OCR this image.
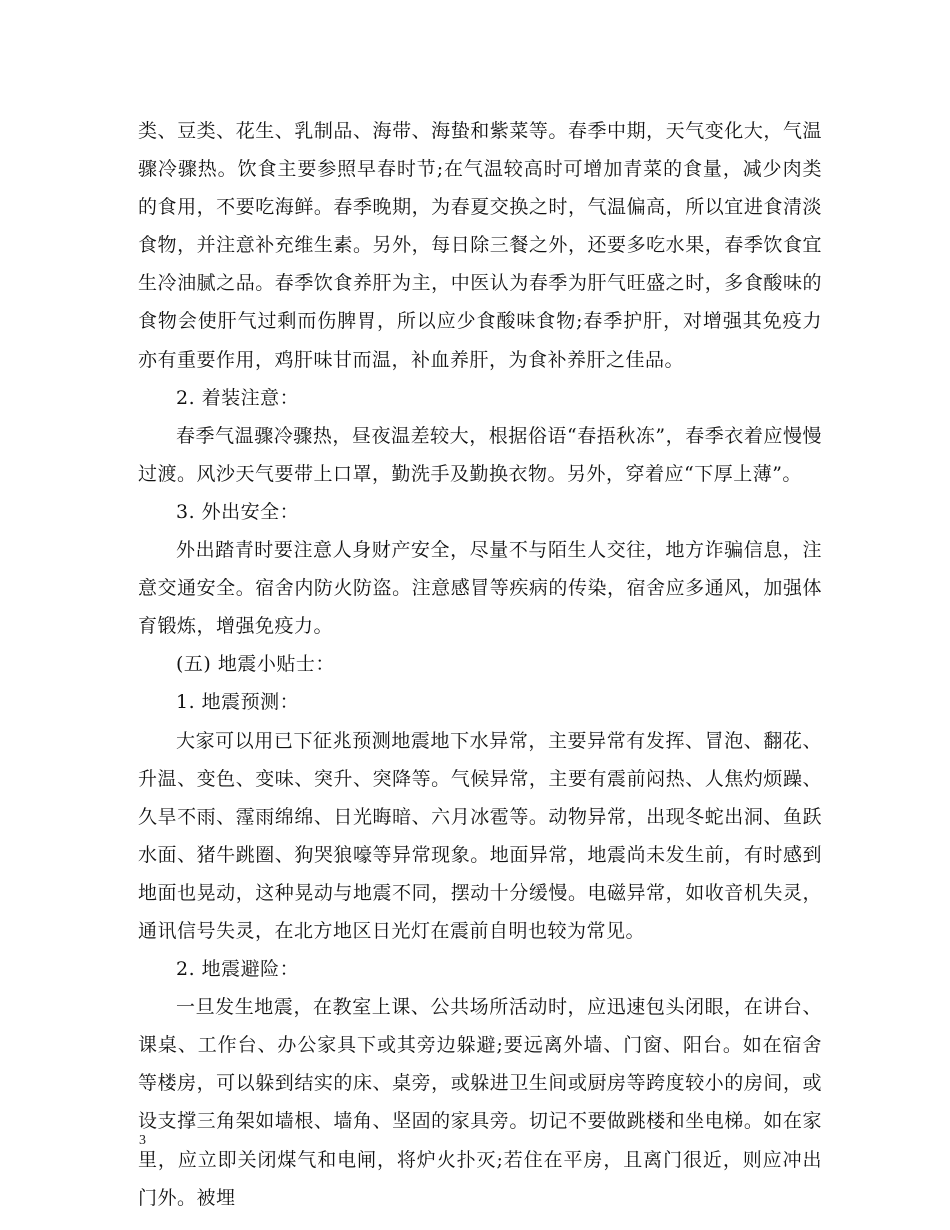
类、豆类、花生、乳制品、海带、海蛰和紫菜等。春季中期，天气变化大，气温骤冷骤热。饮食主要参照早春时节;在气温较高时可增加青菜的食量，减少肉类的食用，不要吃海鲜。春季晚期，为春夏交换之时，气温偏高，所以宜进食清淡食物，并注意补充维生素。另外，每日除三餐之外，还要多吃水果，春季饮食宜生冷油腻之品。春季饮食养肝为主，中医认为春季为肝气旺盛之时，多食酸味的食物会使肝气过剩而伤脾胃，所以应少食酸味食物;春季护肝，对增强其免疫力亦有重要作用，鸡肝味甘而温，补血养肝，为食补养肝之佳品。

2. 着装注意：

春季气温骤冷骤热，昼夜温差较大，根据俗语“春捂秋冻”，春季衣着应慢慢过渡。风沙天气要带上口罩，勤洗手及勤换衣物。另外，穿着应“下厚上薄”。

3. 外出安全：

外出踏青时要注意人身财产安全，尽量不与陌生人交往，地方诈骗信息，注意交通安全。宿舍内防火防盗。注意感冒等疾病的传染，宿舍应多通风，加强体育锻炼，增强免疫力。

(五) 地震小贴士：

1. 地震预测：

大家可以用已下征兆预测地震地下水异常，主要异常有发挥、冒泡、翻花、升温、变色、变味、突升、突降等。气候异常，主要有震前闷热、人焦灼烦躁、久旱不雨、霪雨绵绵、日光晦暗、六月冰雹等。动物异常，出现冬蛇出洞、鱼跃水面、猪牛跳圈、狗哭狼嚎等异常现象。地面异常，地震尚未发生前，有时感到地面也晃动，这种晃动与地震不同，摆动十分缓慢。电磁异常，如收音机失灵，通讯信号失灵，在北方地区日光灯在震前自明也较为常见。

2. 地震避险：

一旦发生地震，在教室上课、公共场所活动时，应迅速包头闭眼，在讲台、课桌、工作台、办公家具下或其旁边躲避;要远离外墙、门窗、阳台。如在宿舍等楼房，可以躲到结实的床、桌旁，或躲进卫生间或厨房等跨度较小的房间，或设支撑三角架如墙根、墙角、坚固的家具旁。切记不要做跳楼和坐电梯。如在家里，应立即关闭煤气和电闸，将炉火扑灭;若住在平房，且离门很近，则应冲出门外。被埋

3
